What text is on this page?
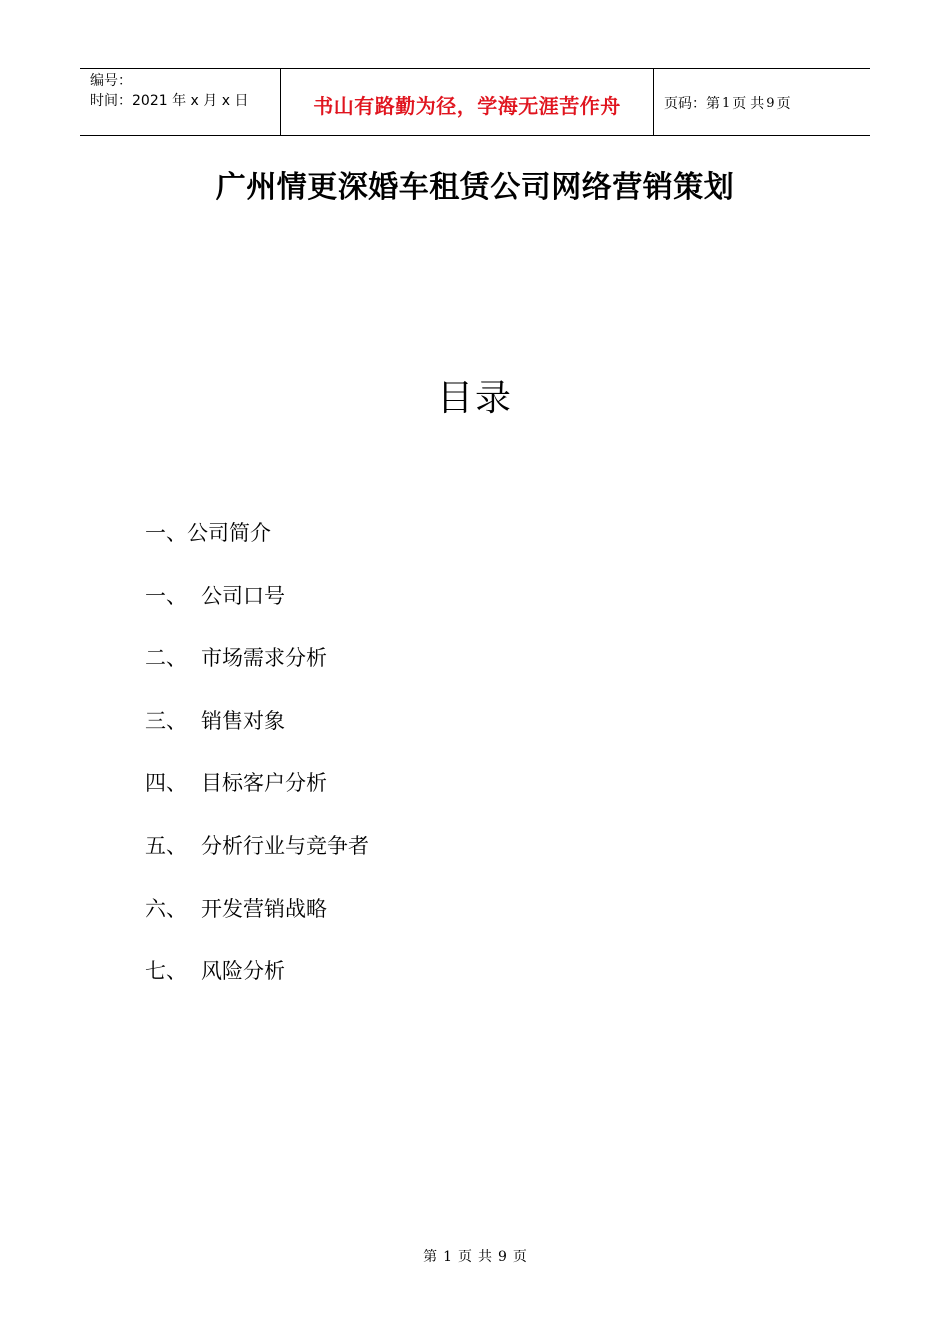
编号：
时间：2021 年 x 月 x 日	书山有路勤为径，学海无涯苦作舟	页码：第 1 页 共 9 页
广州情更深婚车租赁公司网络营销策划
目录
一、公司简介
一、 公司口号
二、 市场需求分析
三、 销售对象
四、 目标客户分析
五、 分析行业与竞争者
六、 开发营销战略
七、 风险分析
第 1 页 共 9 页
